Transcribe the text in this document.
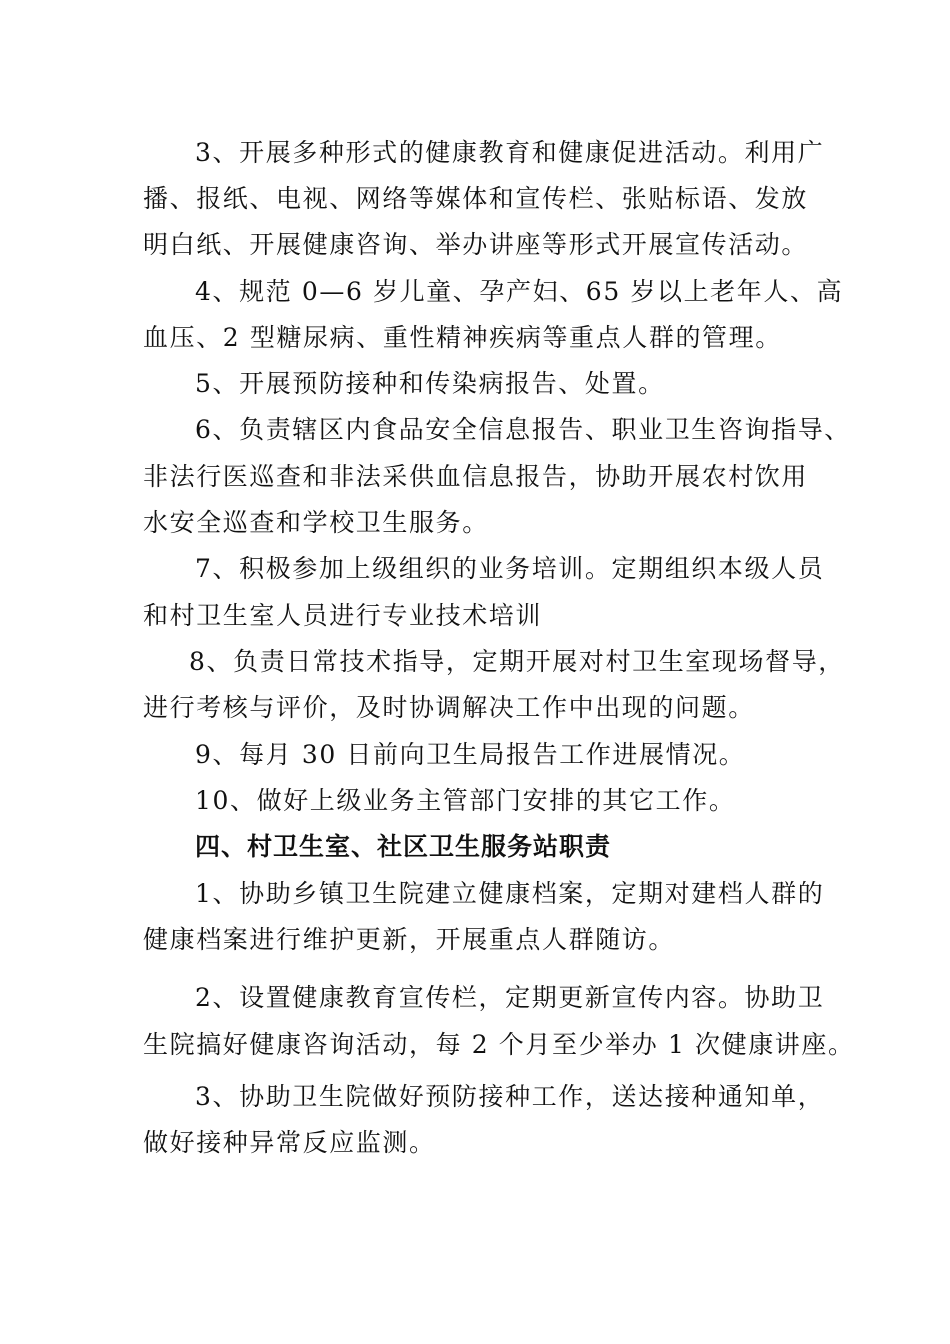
3、开展多种形式的健康教育和健康促进活动。利用广
播、报纸、电视、网络等媒体和宣传栏、张贴标语、发放
明白纸、开展健康咨询、举办讲座等形式开展宣传活动。
4、规范 0—6 岁儿童、孕产妇、65 岁以上老年人、高
血压、2 型糖尿病、重性精神疾病等重点人群的管理。
5、开展预防接种和传染病报告、处置。
6、负责辖区内食品安全信息报告、职业卫生咨询指导、
非法行医巡查和非法采供血信息报告，协助开展农村饮用
水安全巡查和学校卫生服务。
7、积极参加上级组织的业务培训。定期组织本级人员
和村卫生室人员进行专业技术培训
8、负责日常技术指导，定期开展对村卫生室现场督导，
进行考核与评价，及时协调解决工作中出现的问题。
9、每月 30 日前向卫生局报告工作进展情况。
10、做好上级业务主管部门安排的其它工作。
四、村卫生室、社区卫生服务站职责
1、协助乡镇卫生院建立健康档案，定期对建档人群的
健康档案进行维护更新，开展重点人群随访。
2、设置健康教育宣传栏，定期更新宣传内容。协助卫
生院搞好健康咨询活动，每 2 个月至少举办 1 次健康讲座。
3、协助卫生院做好预防接种工作，送达接种通知单，
做好接种异常反应监测。
